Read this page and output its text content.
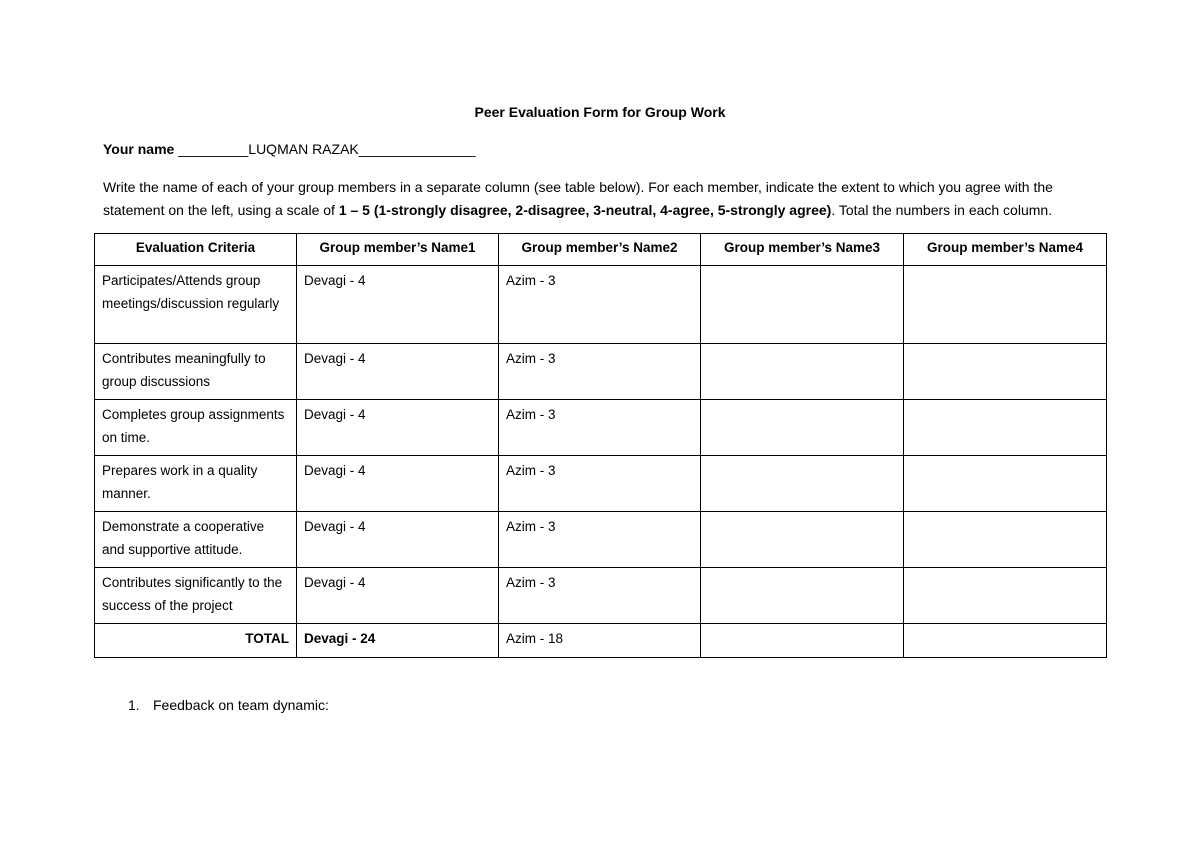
Peer Evaluation Form for Group Work
Your name _________LUQMAN RAZAK_______________
Write the name of each of your group members in a separate column (see table below). For each member, indicate the extent to which you agree with the statement on the left, using a scale of 1 – 5 (1-strongly disagree, 2-disagree, 3-neutral, 4-agree, 5-strongly agree). Total the numbers in each column.
Evaluation Criteria	Group member’s Name1	Group member’s Name2	Group member’s Name3	Group member’s Name4
Participates/Attends group meetings/discussion regularly	Devagi - 4	Azim - 3		
Contributes meaningfully to group discussions	Devagi - 4	Azim - 3		
Completes group assignments on time.	Devagi - 4	Azim - 3		
Prepares work in a quality manner.	Devagi - 4	Azim - 3		
Demonstrate a cooperative and supportive attitude.	Devagi - 4	Azim - 3		
Contributes significantly to the success of the project	Devagi - 4	Azim - 3		
TOTAL	Devagi - 24	Azim - 18		
1. Feedback on team dynamic:
